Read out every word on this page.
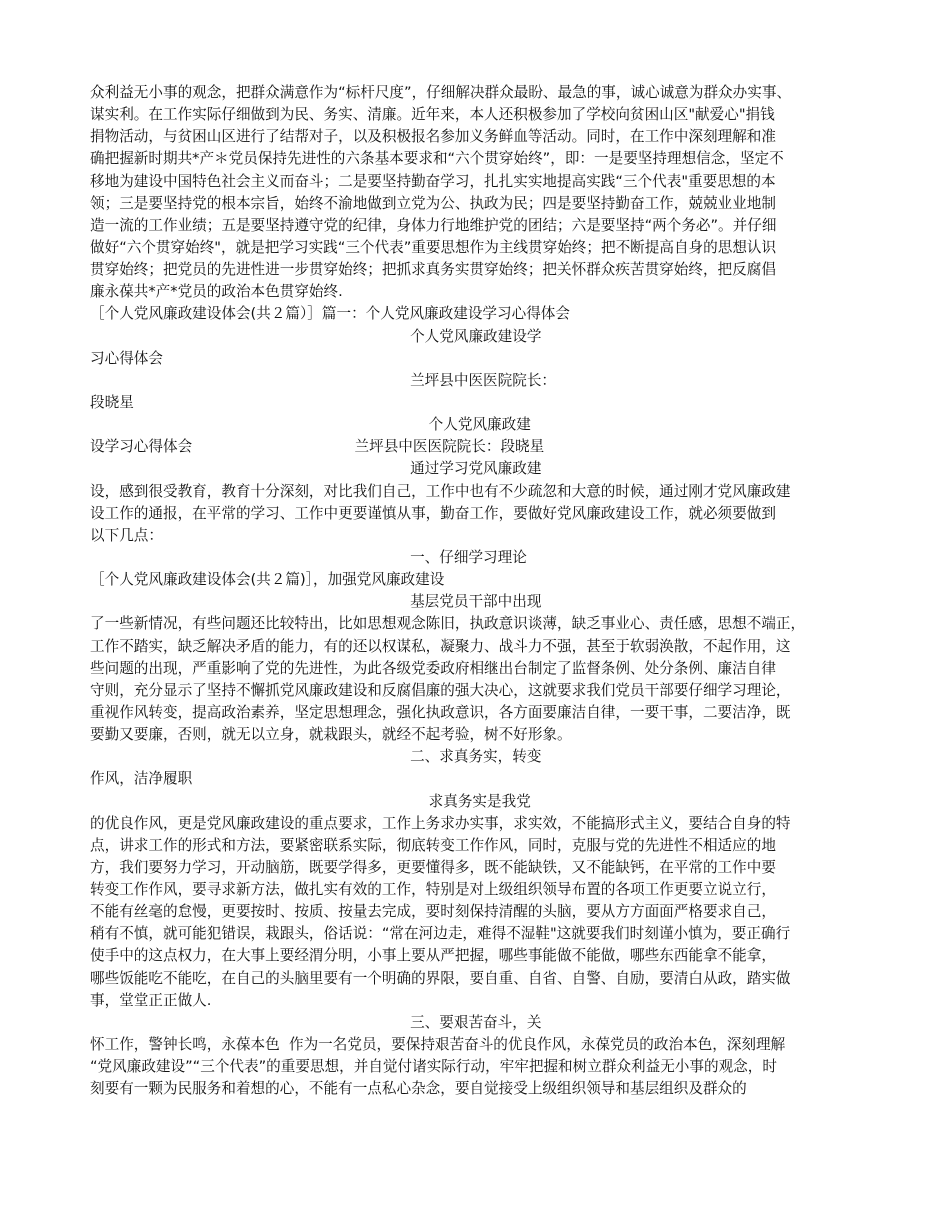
众利益无小事的观念，把群众满意作为“标杆尺度”，仔细解决群众最盼、最急的事，诚心诚意为群众办实事、
谋实利。在工作实际仔细做到为民、务实、清廉。近年来，本人还积极参加了学校向贫困山区"献爱心"捐钱
捐物活动，与贫困山区进行了结帮对子，以及积极报名参加义务鲜血等活动。同时，在工作中深刻理解和准
确把握新时期共*产＊党员保持先进性的六条基本要求和“六个贯穿始终”，即：一是要坚持理想信念，坚定不
移地为建设中国特色社会主义而奋斗；二是要坚持勤奋学习，扎扎实实地提高实践“三个代表"重要思想的本
领；三是要坚持党的根本宗旨，始终不渝地做到立党为公、执政为民；四是要坚持勤奋工作，兢兢业业地制
造一流的工作业绩；五是要坚持遵守党的纪律，身体力行地维护党的团结；六是要坚持“两个务必”。并仔细
做好“六个贯穿始终"，就是把学习实践“三个代表”重要思想作为主线贯穿始终；把不断提高自身的思想认识
贯穿始终；把党员的先进性进一步贯穿始终；把抓求真务实贯穿始终；把关怀群众疾苦贯穿始终，把反腐倡
廉永葆共*产*党员的政治本色贯穿始终.
［个人党风廉政建设体会(共２篇）］篇一：个人党风廉政建设学习心得体会
个人党风廉政建设学
习心得体会
兰坪县中医医院院长：
段晓星
个人党风廉政建
设学习心得体会                                   兰坪县中医医院院长：段晓星
通过学习党风廉政建
设，感到很受教育，教育十分深刻，对比我们自己，工作中也有不少疏忽和大意的时候，通过刚才党风廉政建
设工作的通报，在平常的学习、工作中更要谨慎从事，勤奋工作，要做好党风廉政建设工作，就必须要做到
以下几点：
一、仔细学习理论
［个人党风廉政建设体会(共２篇)］，加强党风廉政建设
基层党员干部中出现
了一些新情况，有些问题还比较特出，比如思想观念陈旧，执政意识谈薄，缺乏事业心、责任感，思想不端正，
工作不踏实，缺乏解决矛盾的能力，有的还以权谋私，凝聚力、战斗力不强，甚至于软弱涣散，不起作用，这
些问题的出现，严重影响了党的先进性，为此各级党委政府相继出台制定了监督条例、处分条例、廉洁自律
守则，充分显示了坚持不懈抓党风廉政建设和反腐倡廉的强大决心，这就要求我们党员干部要仔细学习理论，
重视作风转变，提高政治素养，坚定思想理念，强化执政意识，各方面要廉洁自律，一要干事，二要洁净，既
要勤又要廉，否则，就无以立身，就栽跟头，就经不起考验，树不好形象。
二、求真务实，转变
作风，洁净履职
求真务实是我党
的优良作风，更是党风廉政建设的重点要求，工作上务求办实事，求实效，不能搞形式主义，要结合自身的特
点，讲求工作的形式和方法，要紧密联系实际，彻底转变工作作风，同时，克服与党的先进性不相适应的地
方，我们要努力学习，开动脑筋，既要学得多，更要懂得多，既不能缺铁，又不能缺钙，在平常的工作中要
转变工作作风，要寻求新方法，做扎实有效的工作，特别是对上级组织领导布置的各项工作更要立说立行，
不能有丝毫的怠慢，更要按时、按质、按量去完成，要时刻保持清醒的头脑，要从方方面面严格要求自己，
稍有不慎，就可能犯错误，栽跟头，俗话说：“常在河边走，难得不湿鞋"这就要我们时刻谨小慎为，要正确行
使手中的这点权力，在大事上要经渭分明，小事上要从严把握，哪些事能做不能做，哪些东西能拿不能拿，
哪些饭能吃不能吃，在自己的头脑里要有一个明确的界限，要自重、自省、自警、自励，要清白从政，踏实做
事，堂堂正正做人.
三、要艰苦奋斗，关
怀工作，警钟长鸣，永葆本色  作为一名党员，要保持艰苦奋斗的优良作风，永葆党员的政治本色，深刻理解
“党风廉政建设”“三个代表”的重要思想，并自觉付诸实际行动，牢牢把握和树立群众利益无小事的观念，时
刻要有一颗为民服务和着想的心，不能有一点私心杂念，要自觉接受上级组织领导和基层组织及群众的
